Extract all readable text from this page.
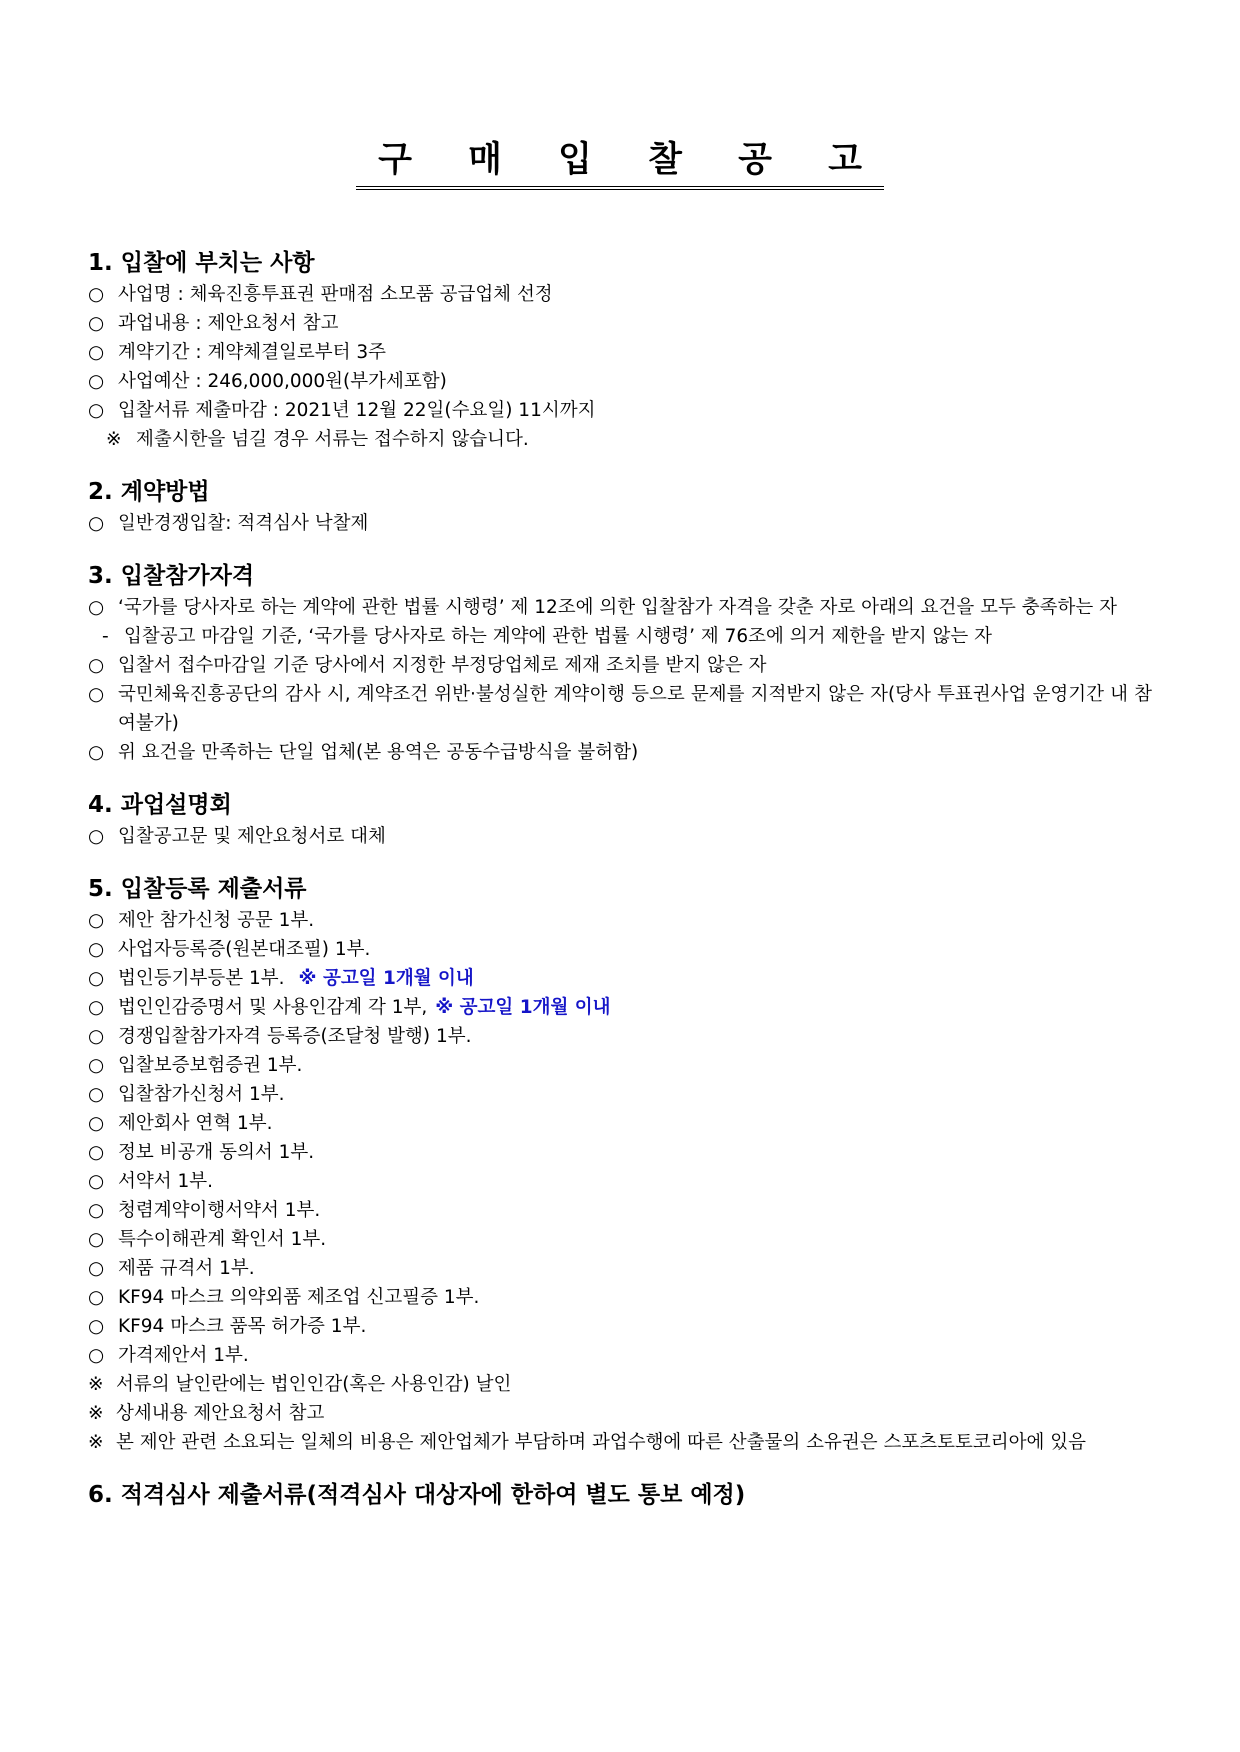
구 매 입 찰 공 고
1. 입찰에 부치는 사항
○ 사업명 : 체육진흥투표권 판매점 소모품 공급업체 선정
○ 과업내용 : 제안요청서 참고
○ 계약기간 : 계약체결일로부터 3주
○ 사업예산 : 246,000,000원(부가세포함)
○ 입찰서류 제출마감 : 2021년 12월 22일(수요일) 11시까지
※ 제출시한을 넘길 경우 서류는 접수하지 않습니다.
2. 계약방법
○ 일반경쟁입찰: 적격심사 낙찰제
3. 입찰참가자격
○ ‘국가를 당사자로 하는 계약에 관한 법률 시행령’ 제 12조에 의한 입찰참가 자격을 갖춘 자로 아래의 요건을 모두 충족하는 자
- 입찰공고 마감일 기준, ‘국가를 당사자로 하는 계약에 관한 법률 시행령’ 제 76조에 의거 제한을 받지 않는 자
○ 입찰서 접수마감일 기준 당사에서 지정한 부정당업체로 제재 조치를 받지 않은 자
○ 국민체육진흥공단의 감사 시, 계약조건 위반·불성실한 계약이행 등으로 문제를 지적받지 않은 자(당사 투표권사업 운영기간 내 참여불가)
○ 위 요건을 만족하는 단일 업체(본 용역은 공동수급방식을 불허함)
4. 과업설명회
○ 입찰공고문 및 제안요청서로 대체
5. 입찰등록 제출서류
○ 제안 참가신청 공문 1부.
○ 사업자등록증(원본대조필) 1부.
○ 법인등기부등본 1부. ※ 공고일 1개월 이내
○ 법인인감증명서 및 사용인감계 각 1부, ※ 공고일 1개월 이내
○ 경쟁입찰참가자격 등록증(조달청 발행) 1부.
○ 입찰보증보험증권 1부.
○ 입찰참가신청서 1부.
○ 제안회사 연혁 1부.
○ 정보 비공개 동의서 1부.
○ 서약서 1부.
○ 청렴계약이행서약서 1부.
○ 특수이해관계 확인서 1부.
○ 제품 규격서 1부.
○ KF94 마스크 의약외품 제조업 신고필증 1부.
○ KF94 마스크 품목 허가증 1부.
○ 가격제안서 1부.
※ 서류의 날인란에는 법인인감(혹은 사용인감) 날인
※ 상세내용 제안요청서 참고
※ 본 제안 관련 소요되는 일체의 비용은 제안업체가 부담하며 과업수행에 따른 산출물의 소유권은 스포츠토토코리아에 있음
6. 적격심사 제출서류(적격심사 대상자에 한하여 별도 통보 예정)
